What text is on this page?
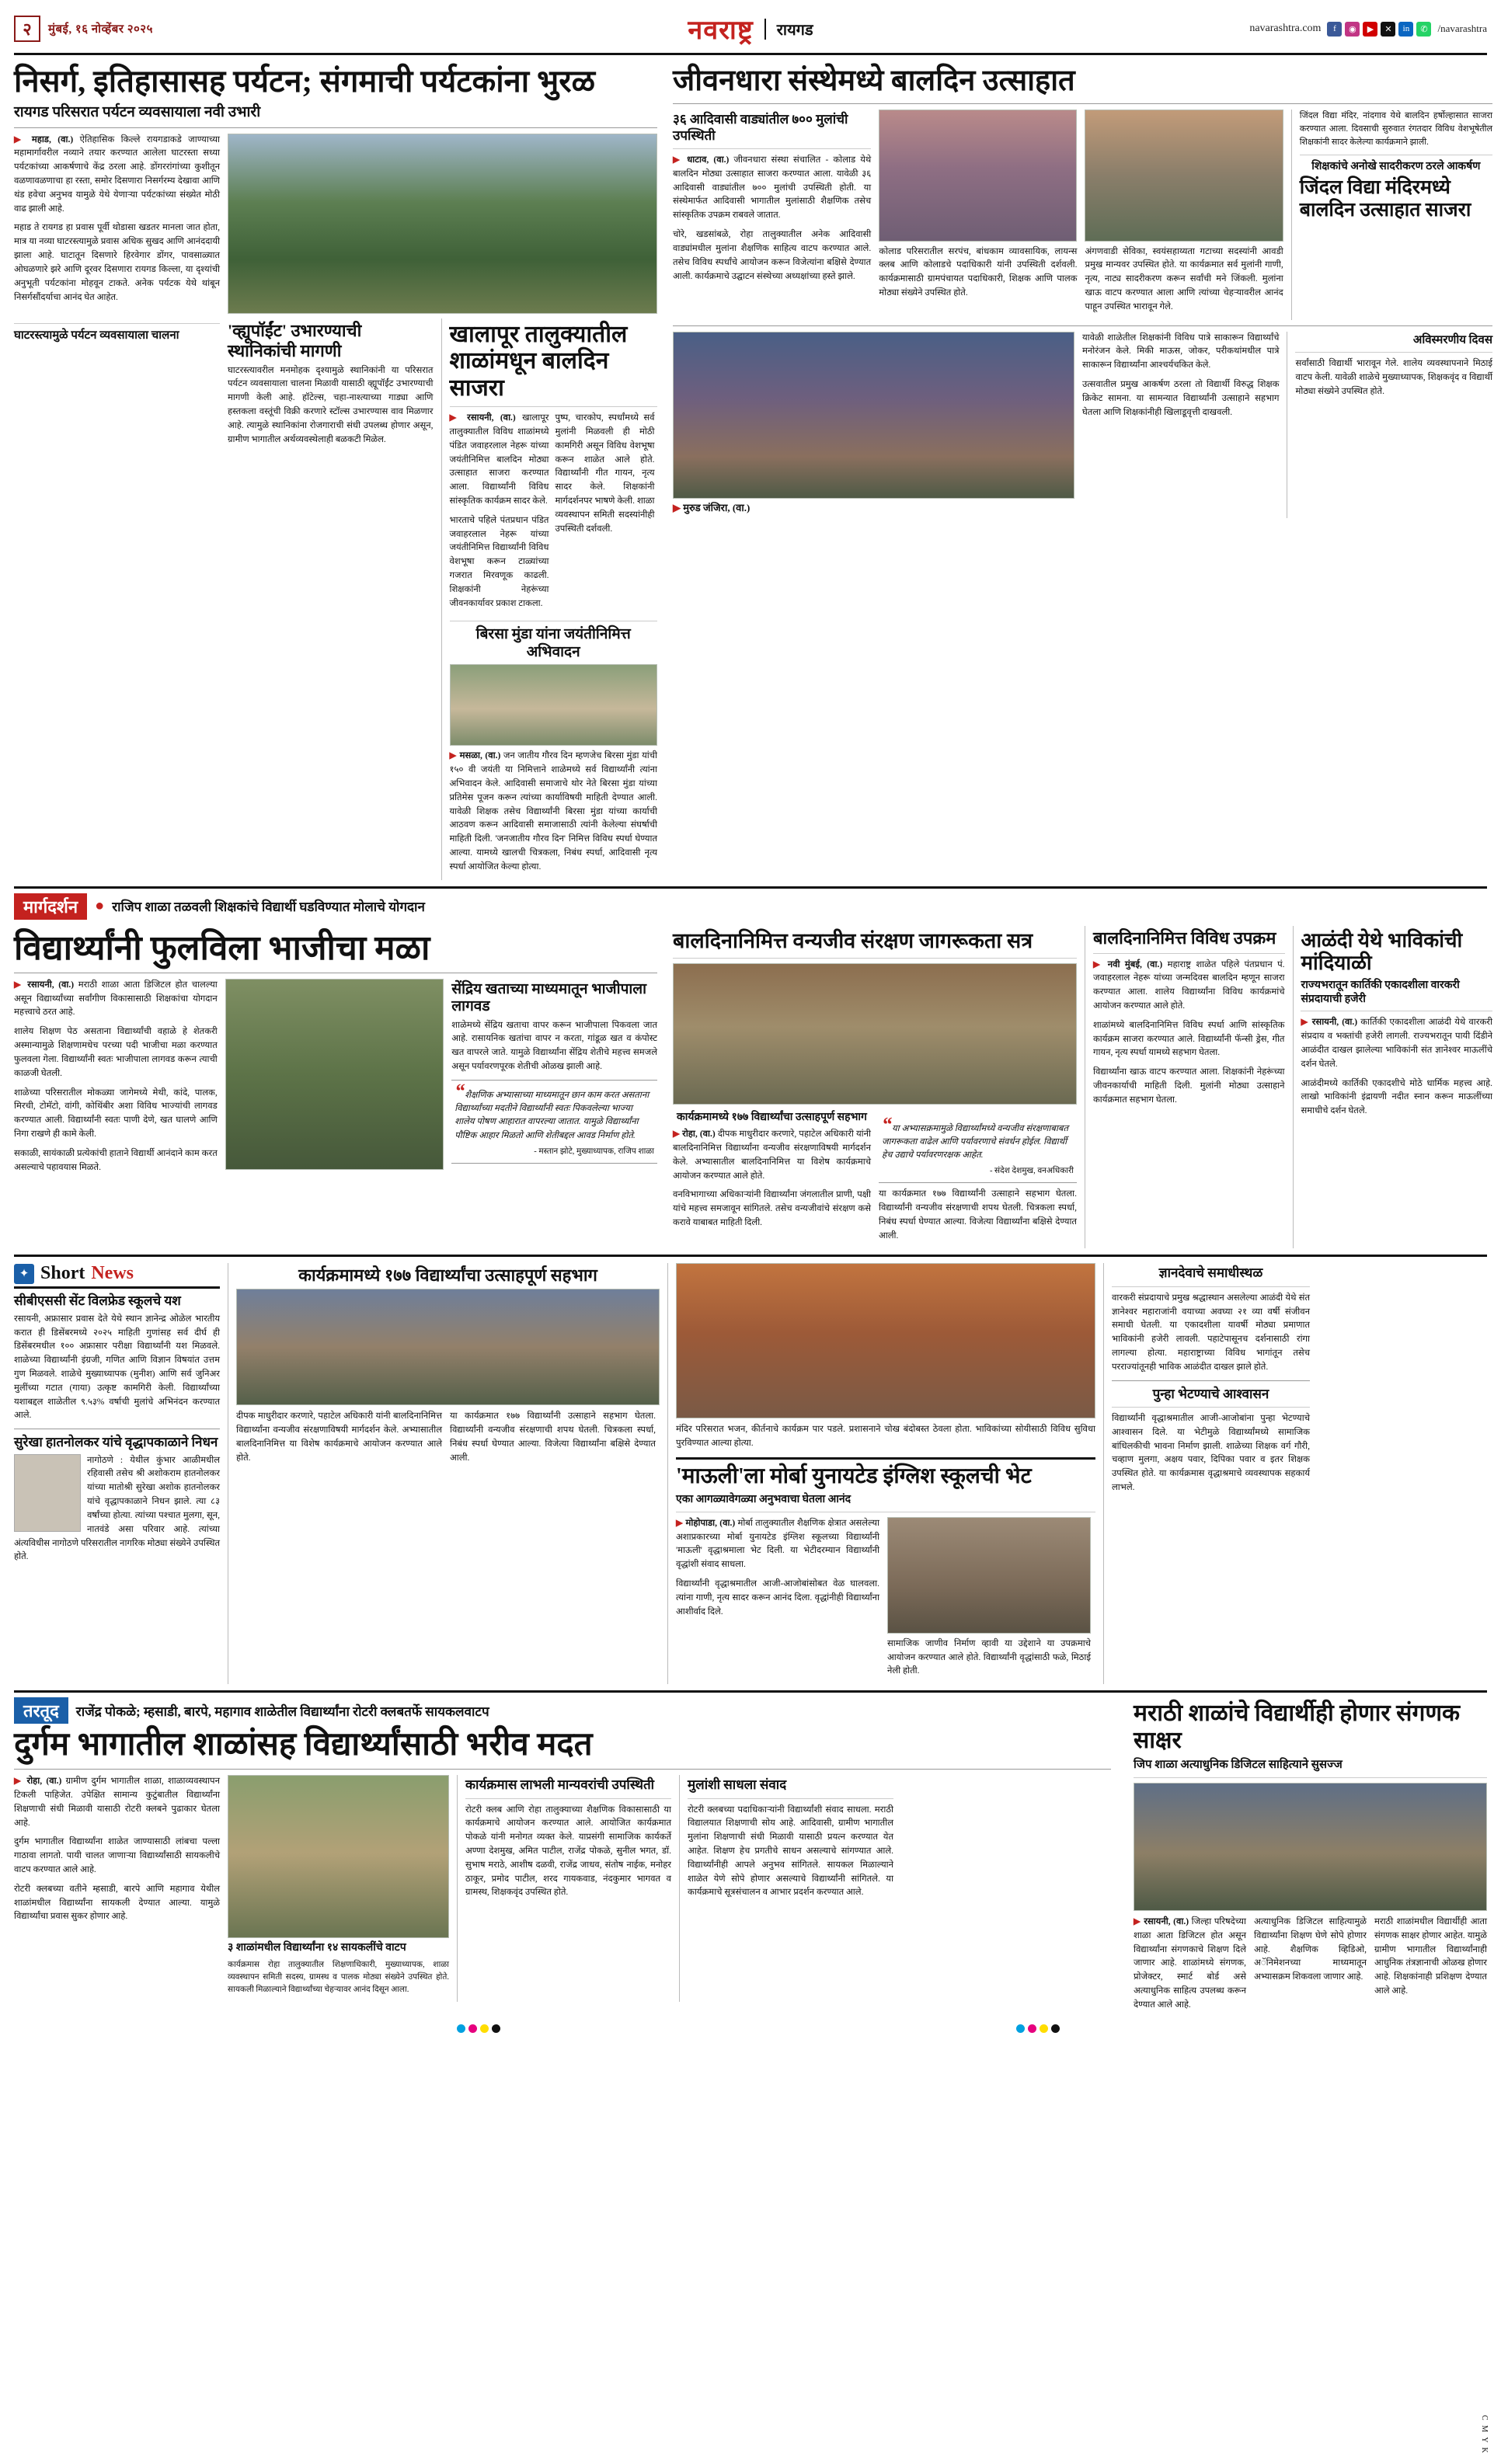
२	मुंबई, १६ नोव्हेंबर २०२५	नवराष्ट्र	रायगड	navarashtra.com	f	◉	▶	✕	in	✆ /navarashtra
निसर्ग, इतिहासासह पर्यटन; संगमाची पर्यटकांना भुरळ
रायगड परिसरात पर्यटन व्यवसायाला नवी उभारी

▶ महाड, (वा.) ऐतिहासिक किल्ले रायगडाकडे जाण्याच्या महामार्गावरील नव्याने तयार करण्यात आलेला घाटरस्ता सध्या पर्यटकांच्या आकर्षणाचे केंद्र ठरला आहे. डोंगररांगांच्या कुशीतून वळणावळणाचा हा रस्ता, समोर दिसणारा निसर्गरम्य देखावा आणि थंड हवेचा अनुभव यामुळे येथे येणाऱ्या पर्यटकांच्या संख्येत मोठी वाढ झाली आहे.

महाड ते रायगड हा प्रवास पूर्वी थोडासा खडतर मानला जात होता, मात्र या नव्या घाटरस्त्यामुळे प्रवास अधिक सुखद आणि आनंददायी झाला आहे. घाटातून दिसणारे हिरवेगार डोंगर, पावसाळ्यात ओघळणारे झरे आणि दूरवर दिसणारा रायगड किल्ला, या दृश्यांची अनुभूती पर्यटकांना मोहवून टाकते. अनेक पर्यटक येथे थांबून निसर्गसौंदर्याचा आनंद घेत आहेत.

घाटरस्त्यामुळे पर्यटन व्यवसायाला चालना	'व्ह्यूपॉईंट' उभारण्याची स्थानिकांची मागणी

घाटरस्त्यावरील मनमोहक दृश्यामुळे स्थानिकांनी या परिसरात पर्यटन व्यवसायाला चालना मिळावी यासाठी व्ह्यूपॉईंट उभारण्याची मागणी केली आहे. हॉटेल्स, चहा-नाश्त्याच्या गाड्या आणि हस्तकला वस्तूंची विक्री करणारे स्टॉल्स उभारण्यास वाव मिळणार आहे. त्यामुळे स्थानिकांना रोजगाराची संधी उपलब्ध होणार असून, ग्रामीण भागातील अर्थव्यवस्थेलाही बळकटी मिळेल.

खालापूर तालुक्यातील शाळांमधून बालदिन साजरा

▶ रसायनी, (वा.) खालापूर तालुक्यातील विविध शाळांमध्ये पंडित जवाहरलाल नेहरू यांच्या जयंतीनिमित्त बालदिन मोठ्या उत्साहात साजरा करण्यात आला. विद्यार्थ्यांनी विविध सांस्कृतिक कार्यक्रम सादर केले.

भारताचे पहिले पंतप्रधान पंडित जवाहरलाल नेहरू यांच्या जयंतीनिमित्त विद्यार्थ्यांनी विविध वेशभूषा करून टाळ्यांच्या गजरात मिरवणूक काढली. शिक्षकांनी नेहरूंच्या जीवनकार्यावर प्रकाश टाकला.

पुष्प, चारकोप, स्पर्धांमध्ये सर्व मुलांनी मिळवली ही मोठी कामगिरी असून विविध वेशभूषा करून शाळेत आले होते. विद्यार्थ्यांनी गीत गायन, नृत्य सादर केले. शिक्षकांनी मार्गदर्शनपर भाषणे केली. शाळा व्यवस्थापन समिती सदस्यांनीही उपस्थिती दर्शवली.

बिरसा मुंडा यांना जयंतीनिमित्त अभिवादन

▶ मसळा, (वा.) जन जातीय गौरव दिन म्हणजेच बिरसा मुंडा यांची १५० वी जयंती या निमित्ताने शाळेमध्ये सर्व विद्यार्थ्यांनी त्यांना अभिवादन केले. आदिवासी समाजाचे थोर नेते बिरसा मुंडा यांच्या प्रतिमेस पूजन करून त्यांच्या कार्याविषयी माहिती देण्यात आली. यावेळी शिक्षक तसेच विद्यार्थ्यांनी बिरसा मुंडा यांच्या कार्याची आठवण करून आदिवासी समाजासाठी त्यांनी केलेल्या संघर्षाची माहिती दिली. 'जनजातीय गौरव दिन' निमित्त विविध स्पर्धा घेण्यात आल्या. यामध्ये खालची चित्रकला, निबंध स्पर्धा, आदिवासी नृत्य स्पर्धा आयोजित केल्या होत्या.

जीवनधारा संस्थेमध्ये बालदिन उत्साहात
३६ आदिवासी वाड्यांतील ७०० मुलांची उपस्थिती

▶ धाटाव, (वा.) जीवनधारा संस्था संचालित - कोलाड येथे बालदिन मोठ्या उत्साहात साजरा करण्यात आला. यावेळी ३६ आदिवासी वाड्यांतील ७०० मुलांची उपस्थिती होती. या संस्थेमार्फत आदिवासी भागातील मुलांसाठी शैक्षणिक तसेच सांस्कृतिक उपक्रम राबवले जातात.

चोरे, खडसांबळे, रोहा तालुक्यातील अनेक आदिवासी वाड्यांमधील मुलांना शैक्षणिक साहित्य वाटप करण्यात आले. तसेच विविध स्पर्धांचे आयोजन करून विजेत्यांना बक्षिसे देण्यात आली. कार्यक्रमाचे उद्घाटन संस्थेच्या अध्यक्षांच्या हस्ते झाले.

कोलाड परिसरातील सरपंच, बांधकाम व्यावसायिक, लायन्स क्लब आणि कोलाडचे पदाधिकारी यांनी उपस्थिती दर्शवली. कार्यक्रमासाठी ग्रामपंचायत पदाधिकारी, शिक्षक आणि पालक मोठ्या संख्येने उपस्थित होते.

अंगणवाडी सेविका, स्वयंसहाय्यता गटाच्या सदस्यांनी आवडी प्रमुख मान्यवर उपस्थित होते. या कार्यक्रमात सर्व मुलांनी गाणी, नृत्य, नाट्य सादरीकरण करून सर्वांची मने जिंकली. मुलांना खाऊ वाटप करण्यात आला आणि त्यांच्या चेहऱ्यावरील आनंद पाहून उपस्थित भारावून गेले.

जिंदल विद्या मंदिर, नांदगाव येथे बालदिन हर्षोल्हासात साजरा करण्यात आला. दिवसाची सुरुवात रंगतदार विविध वेशभूषेतील शिक्षकांनी सादर केलेल्या कार्यक्रमाने झाली.

शिक्षकांचे अनोखे सादरीकरण ठरले आकर्षण
जिंदल विद्या मंदिरमध्ये बालदिन उत्साहात साजरा
▶ मुरुड जंजिरा, (वा.)

यावेळी शाळेतील शिक्षकांनी विविध पात्रे साकारून विद्यार्थ्यांचे मनोरंजन केले. मिकी माऊस, जोकर, परीकथांमधील पात्रे साकारून विद्यार्थ्यांना आश्चर्यचकित केले.

उत्सवातील प्रमुख आकर्षण ठरला तो विद्यार्थी विरुद्ध शिक्षक क्रिकेट सामना. या सामन्यात विद्यार्थ्यांनी उत्साहाने सहभाग घेतला आणि शिक्षकांनीही खिलाडूवृत्ती दाखवली.

अविस्मरणीय दिवस

सर्वांसाठी विद्यार्थी भारावून गेले. शालेय व्यवस्थापनाने मिठाई वाटप केली. यावेळी शाळेचे मुख्याध्यापक, शिक्षकवृंद व विद्यार्थी मोठ्या संख्येने उपस्थित होते.

मार्गदर्शन	● राजिप शाळा तळवली शिक्षकांचे विद्यार्थी घडविण्यात मोलाचे योगदान
विद्यार्थ्यांनी फुलविला भाजीचा मळा

▶ रसायनी, (वा.) मराठी शाळा आता डिजिटल होत चालल्या असून विद्यार्थ्यांच्या सर्वांगीण विकासासाठी शिक्षकांचा योगदान महत्त्वाचे ठरत आहे.

शालेय शिक्षण पेठ असताना विद्यार्थ्यांची वहाळे हे शेतकरी अस्मान्यामुळे शिक्षणामधेच परच्या पदी भाजीचा मळा करण्यात फुलवला गेला. विद्यार्थ्यांनी स्वतः भाजीपाला लागवड करून त्याची काळजी घेतली.

शाळेच्या परिसरातील मोकळ्या जागेमध्ये मेथी, कांदे, पालक, मिरची, टोमॅटो, वांगी, कोथिंबीर अशा विविध भाज्यांची लागवड करण्यात आली. विद्यार्थ्यांनी स्वतः पाणी देणे, खत घालणे आणि निगा राखणे ही कामे केली.

सकाळी, सायंकाळी प्रत्येकांची हाताने विद्यार्थी आनंदाने काम करत असल्याचे पहावयास मिळते.

सेंद्रिय खताच्या माध्यमातून भाजीपाला लागवड

शाळेमध्ये सेंद्रिय खताचा वापर करून भाजीपाला पिकवला जात आहे. रासायनिक खतांचा वापर न करता, गांडूळ खत व कंपोस्ट खत वापरले जाते. यामुळे विद्यार्थ्यांना सेंद्रिय शेतीचे महत्त्व समजले असून पर्यावरणपूरक शेतीची ओळख झाली आहे.

“शैक्षणिक अभ्यासाच्या माध्यमातून छान काम करत असताना विद्यार्थ्यांच्या मदतीने विद्यार्थ्यांनी स्वतः पिकवलेल्या भाज्या शालेय पोषण आहारात वापरल्या जातात. यामुळे विद्यार्थ्यांना पौष्टिक आहार मिळतो आणि शेतीबद्दल आवड निर्माण होते.
- मस्तान झोटे, मुख्याध्यापक, राजिप शाळा
बालदिनानिमित्त वन्यजीव संरक्षण जागरूकता सत्र
कार्यक्रमामध्ये १७७ विद्यार्थ्यांचा उत्साहपूर्ण सहभाग

▶ रोहा, (वा.) दीपक माधुरीदार करणारे, पहाटेल अधिकारी यांनी बालदिनानिमित्त विद्यार्थ्यांना वन्यजीव संरक्षणाविषयी मार्गदर्शन केले. अभ्यासातील बालदिनानिमित्त या विशेष कार्यक्रमाचे आयोजन करण्यात आले होते.

वनविभागाच्या अधिकाऱ्यांनी विद्यार्थ्यांना जंगलातील प्राणी, पक्षी यांचे महत्त्व समजावून सांगितले. तसेच वन्यजीवांचे संरक्षण कसे करावे याबाबत माहिती दिली.

“या अभ्यासक्रमामुळे विद्यार्थ्यांमध्ये वन्यजीव संरक्षणाबाबत जागरूकता वाढेल आणि पर्यावरणाचे संवर्धन होईल. विद्यार्थी हेच उद्याचे पर्यावरणरक्षक आहेत.
- संदेश देशमुख, वनअधिकारी

या कार्यक्रमात १७७ विद्यार्थ्यांनी उत्साहाने सहभाग घेतला. विद्यार्थ्यांनी वन्यजीव संरक्षणाची शपथ घेतली. चित्रकला स्पर्धा, निबंध स्पर्धा घेण्यात आल्या. विजेत्या विद्यार्थ्यांना बक्षिसे देण्यात आली.

बालदिनानिमित्त विविध उपक्रम

▶ नवी मुंबई, (वा.) महाराष्ट्र शाळेत पहिले पंतप्रधान पं. जवाहरलाल नेहरू यांच्या जन्मदिवस बालदिन म्हणून साजरा करण्यात आला. शालेय विद्यार्थ्यांना विविध कार्यक्रमांचे आयोजन करण्यात आले होते.

शाळांमध्ये बालदिनानिमित्त विविध स्पर्धा आणि सांस्कृतिक कार्यक्रम साजरा करण्यात आले. विद्यार्थ्यांनी फॅन्सी ड्रेस, गीत गायन, नृत्य स्पर्धा यामध्ये सहभाग घेतला.

विद्यार्थ्यांना खाऊ वाटप करण्यात आला. शिक्षकांनी नेहरूंच्या जीवनकार्याची माहिती दिली. मुलांनी मोठ्या उत्साहाने कार्यक्रमात सहभाग घेतला.

आळंदी येथे भाविकांची मांदियाळी
राज्यभरातून कार्तिकी एकादशीला वारकरी संप्रदायाची हजेरी

▶ रसायनी, (वा.) कार्तिकी एकादशीला आळंदी येथे वारकरी संप्रदाय व भक्तांची हजेरी लागली. राज्यभरातून पायी दिंडीने आळंदीत दाखल झालेल्या भाविकांनी संत ज्ञानेश्वर माऊलींचे दर्शन घेतले.

आळंदीमध्ये कार्तिकी एकादशीचे मोठे धार्मिक महत्त्व आहे. लाखो भाविकांनी इंद्रायणी नदीत स्नान करून माऊलींच्या समाधीचे दर्शन घेतले.

✦ Short News
सीबीएससी सेंट विलफ्रेड स्कूलचे यश

रसायनी, अफ्रासार प्रवास देते येथे स्थान ज्ञानेन्द्र ओळेल भारतीय करात ही डिसेंबरमध्ये २०२५ माहिती गुणांसह सर्व दीर्घ ही डिसेंबरमधील १०० अफ्रासार परीक्षा विद्यार्थ्यांनी यश मिळवले. शाळेच्या विद्यार्थ्यांनी इंग्रजी, गणित आणि विज्ञान विषयांत उत्तम गुण मिळवले. शाळेचे मुख्याध्यापक (मुनीश) आणि सर्व जुनिअर मुलींच्या गटात (गाया) उत्कृष्ट कामगिरी केली. विद्यार्थ्यांच्या यशाबद्दल शाळेतील ९.५३% वर्षाची मुलांचे अभिनंदन करण्यात आले.

सुरेखा हातनोलकर यांचे वृद्धापकाळाने निधन

नागोठणे : येथील कुंभार आळीमधील रहिवासी तसेच श्री अशोकराम हातनोलकर यांच्या मातोश्री सुरेखा अशोक हातनोलकर यांचे वृद्धापकाळाने निधन झाले. त्या ८३ वर्षांच्या होत्या. त्यांच्या पश्चात मुलगा, सून, नातवंडे असा परिवार आहे. त्यांच्या अंत्यविधीस नागोठणे परिसरातील नागरिक मोठ्या संख्येने उपस्थित होते.

कार्यक्रमामध्ये १७७ विद्यार्थ्यांचा उत्साहपूर्ण सहभाग

दीपक माधुरीदार करणारे, पहाटेल अधिकारी यांनी बालदिनानिमित्त विद्यार्थ्यांना वन्यजीव संरक्षणाविषयी मार्गदर्शन केले. अभ्यासातील बालदिनानिमित्त या विशेष कार्यक्रमाचे आयोजन करण्यात आले होते.

या कार्यक्रमात १७७ विद्यार्थ्यांनी उत्साहाने सहभाग घेतला. विद्यार्थ्यांनी वन्यजीव संरक्षणाची शपथ घेतली. चित्रकला स्पर्धा, निबंध स्पर्धा घेण्यात आल्या. विजेत्या विद्यार्थ्यांना बक्षिसे देण्यात आली.

मंदिर परिसरात भजन, कीर्तनाचे कार्यक्रम पार पडले. प्रशासनाने चोख बंदोबस्त ठेवला होता. भाविकांच्या सोयीसाठी विविध सुविधा पुरविण्यात आल्या होत्या.

'माऊली'ला मोर्बा युनायटेड इंग्लिश स्कूलची भेट
एका आगळ्यावेगळ्या अनुभवाचा घेतला आनंद

▶ मोहोपाडा, (वा.) मोर्बा तालुक्यातील शैक्षणिक क्षेत्रात असलेल्या अशाप्रकारच्या मोर्बा युनायटेड इंग्लिश स्कूलच्या विद्यार्थ्यांनी 'माऊली' वृद्धाश्रमाला भेट दिली. या भेटीदरम्यान विद्यार्थ्यांनी वृद्धांशी संवाद साधला.

विद्यार्थ्यांनी वृद्धाश्रमातील आजी-आजोबांसोबत वेळ घालवला. त्यांना गाणी, नृत्य सादर करून आनंद दिला. वृद्धांनीही विद्यार्थ्यांना आशीर्वाद दिले.

सामाजिक जाणीव निर्माण व्हावी या उद्देशाने या उपक्रमाचे आयोजन करण्यात आले होते. विद्यार्थ्यांनी वृद्धांसाठी फळे, मिठाई नेली होती.

ज्ञानदेवाचे समाधीस्थळ

वारकरी संप्रदायाचे प्रमुख श्रद्धास्थान असलेल्या आळंदी येथे संत ज्ञानेश्वर महाराजांनी वयाच्या अवघ्या २१ व्या वर्षी संजीवन समाधी घेतली. या एकादशीला यावर्षी मोठ्या प्रमाणात भाविकांनी हजेरी लावली. पहाटेपासूनच दर्शनासाठी रांगा लागल्या होत्या. महाराष्ट्राच्या विविध भागांतून तसेच परराज्यांतूनही भाविक आळंदीत दाखल झाले होते.

पुन्हा भेटण्याचे आश्वासन

विद्यार्थ्यांनी वृद्धाश्रमातील आजी-आजोबांना पुन्हा भेटण्याचे आश्वासन दिले. या भेटीमुळे विद्यार्थ्यांमध्ये सामाजिक बांधिलकीची भावना निर्माण झाली. शाळेच्या शिक्षक वर्ग गौरी, चव्हाण मुलगा, अक्षय पवार, दिपिका पवार व इतर शिक्षक उपस्थित होते. या कार्यक्रमास वृद्धाश्रमाचे व्यवस्थापक सहकार्य लाभले.

तरतूद	राजेंद्र पोकळे; म्हसाडी, बारपे, महागाव शाळेतील विद्यार्थ्यांना रोटरी क्लबतर्फे सायकलवाटप
दुर्गम भागातील शाळांसह विद्यार्थ्यांसाठी भरीव मदत

▶ रोहा, (वा.) ग्रामीण दुर्गम भागातील शाळा, शाळाव्यवस्थापन टिकली पाहिजेत. उपेक्षित सामान्य कुटुंबातील विद्यार्थ्यांना शिक्षणाची संधी मिळावी यासाठी रोटरी क्लबने पुढाकार घेतला आहे.

दुर्गम भागातील विद्यार्थ्यांना शाळेत जाण्यासाठी लांबचा पल्ला गाठावा लागतो. पायी चालत जाणाऱ्या विद्यार्थ्यांसाठी सायकलीचे वाटप करण्यात आले आहे.

रोटरी क्लबच्या वतीने म्हसाडी, बारपे आणि महागाव येथील शाळांमधील विद्यार्थ्यांना सायकली देण्यात आल्या. यामुळे विद्यार्थ्यांचा प्रवास सुकर होणार आहे.

३ शाळांमधील विद्यार्थ्यांना १४ सायकलींचे वाटप

कार्यक्रमास रोहा तालुक्यातील शिक्षणाधिकारी, मुख्याध्यापक, शाळा व्यवस्थापन समिती सदस्य, ग्रामस्थ व पालक मोठ्या संख्येने उपस्थित होते. सायकली मिळाल्याने विद्यार्थ्यांच्या चेहऱ्यावर आनंद दिसून आला.

कार्यक्रमास लाभली मान्यवरांची उपस्थिती

रोटरी क्लब आणि रोहा तालुक्याच्या शैक्षणिक विकासासाठी या कार्यक्रमाचे आयोजन करण्यात आले. आयोजित कार्यक्रमात पोकळे यांनी मनोगत व्यक्त केले. याप्रसंगी सामाजिक कार्यकर्ते अण्णा देशमुख, अमित पाटील, राजेंद्र पोकळे, सुनील भगत, डॉ. सुभाष मराठे, आशीष दळवी, राजेंद्र जाधव, संतोष नाईक, मनोहर ठाकूर, प्रमोद पाटील, शरद गायकवाड, नंदकुमार भागवत व ग्रामस्थ, शिक्षकवृंद उपस्थित होते.

मुलांशी साधला संवाद

रोटरी क्लबच्या पदाधिकाऱ्यांनी विद्यार्थ्यांशी संवाद साधला. मराठी विद्यालयात शिक्षणाची सोय आहे. आदिवासी, ग्रामीण भागातील मुलांना शिक्षणाची संधी मिळावी यासाठी प्रयत्न करण्यात येत आहेत. शिक्षण हेच प्रगतीचे साधन असल्याचे सांगण्यात आले. विद्यार्थ्यांनीही आपले अनुभव सांगितले. सायकल मिळाल्याने शाळेत येणे सोपे होणार असल्याचे विद्यार्थ्यांनी सांगितले. या कार्यक्रमाचे सूत्रसंचालन व आभार प्रदर्शन करण्यात आले.

मराठी शाळांचे विद्यार्थीही होणार संगणक साक्षर
जिप शाळा अत्याधुनिक डिजिटल साहित्याने सुसज्ज

▶ रसायनी, (वा.) जिल्हा परिषदेच्या शाळा आता डिजिटल होत असून विद्यार्थ्यांना संगणकाचे शिक्षण दिले जाणार आहे. शाळांमध्ये संगणक, प्रोजेक्टर, स्मार्ट बोर्ड असे अत्याधुनिक साहित्य उपलब्ध करून देण्यात आले आहे.

अत्याधुनिक डिजिटल साहित्यामुळे विद्यार्थ्यांना शिक्षण घेणे सोपे होणार आहे. शैक्षणिक व्हिडिओ, अॅनिमेशनच्या माध्यमातून अभ्यासक्रम शिकवला जाणार आहे.

मराठी शाळांमधील विद्यार्थीही आता संगणक साक्षर होणार आहेत. यामुळे ग्रामीण भागातील विद्यार्थ्यांनाही आधुनिक तंत्रज्ञानाची ओळख होणार आहे. शिक्षकांनाही प्रशिक्षण देण्यात आले आहे.

C M Y K
